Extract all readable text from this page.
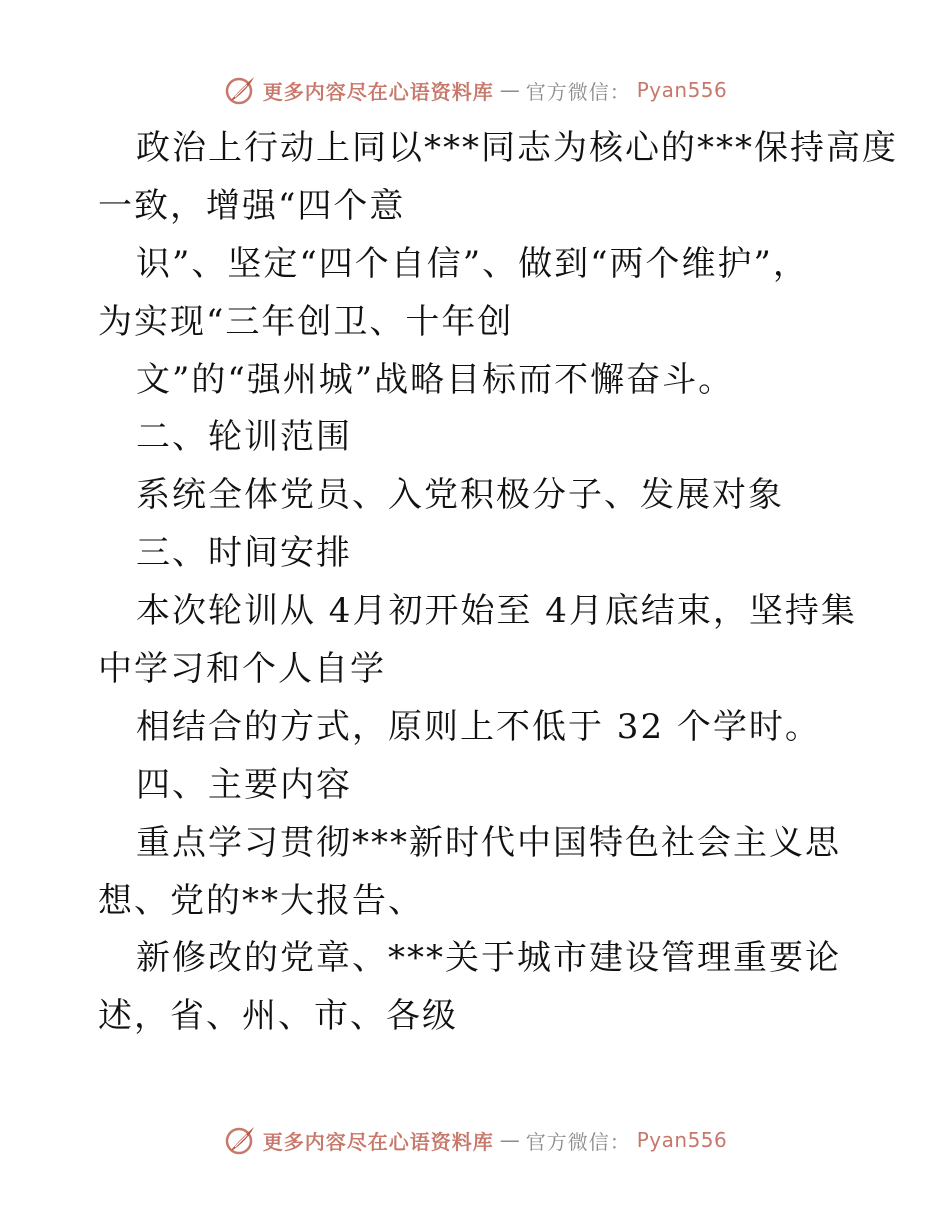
更多内容尽在心语资料库 — 官方微信： Pyan556
政治上行动上同以***同志为核心的***保持高度
一致，增强“四个意
识”、坚定“四个自信”、做到“两个维护”，
为实现“三年创卫、十年创
文”的“强州城”战略目标而不懈奋斗。
二、轮训范围
系统全体党员、入党积极分子、发展对象
三、时间安排
本次轮训从 4月初开始至 4月底结束，坚持集
中学习和个人自学
相结合的方式，原则上不低于 32 个学时。
四、主要内容
重点学习贯彻***新时代中国特色社会主义思
想、党的**大报告、
新修改的党章、***关于城市建设管理重要论
述，省、州、市、各级
更多内容尽在心语资料库 — 官方微信： Pyan556
